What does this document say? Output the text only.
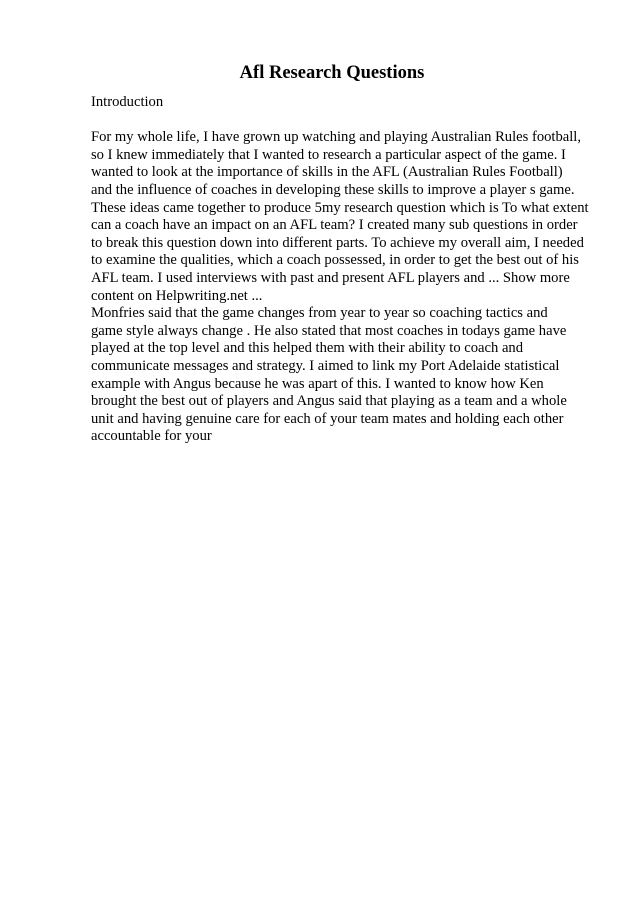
Afl Research Questions
Introduction
For my whole life, I have grown up watching and playing Australian Rules football,
so I knew immediately that I wanted to research a particular aspect of the game. I
wanted to look at the importance of skills in the AFL (Australian Rules Football)
and the influence of coaches in developing these skills to improve a player s game.
These ideas came together to produce 5my research question which is To what extent
can a coach have an impact on an AFL team? I created many sub questions in order
to break this question down into different parts. To achieve my overall aim, I needed
to examine the qualities, which a coach possessed, in order to get the best out of his
AFL team. I used interviews with past and present AFL players and ... Show more
content on Helpwriting.net ...
Monfries said that the game changes from year to year so coaching tactics and
game style always change . He also stated that most coaches in todays game have
played at the top level and this helped them with their ability to coach and
communicate messages and strategy. I aimed to link my Port Adelaide statistical
example with Angus because he was apart of this. I wanted to know how Ken
brought the best out of players and Angus said that playing as a team and a whole
unit and having genuine care for each of your team mates and holding each other
accountable for your
